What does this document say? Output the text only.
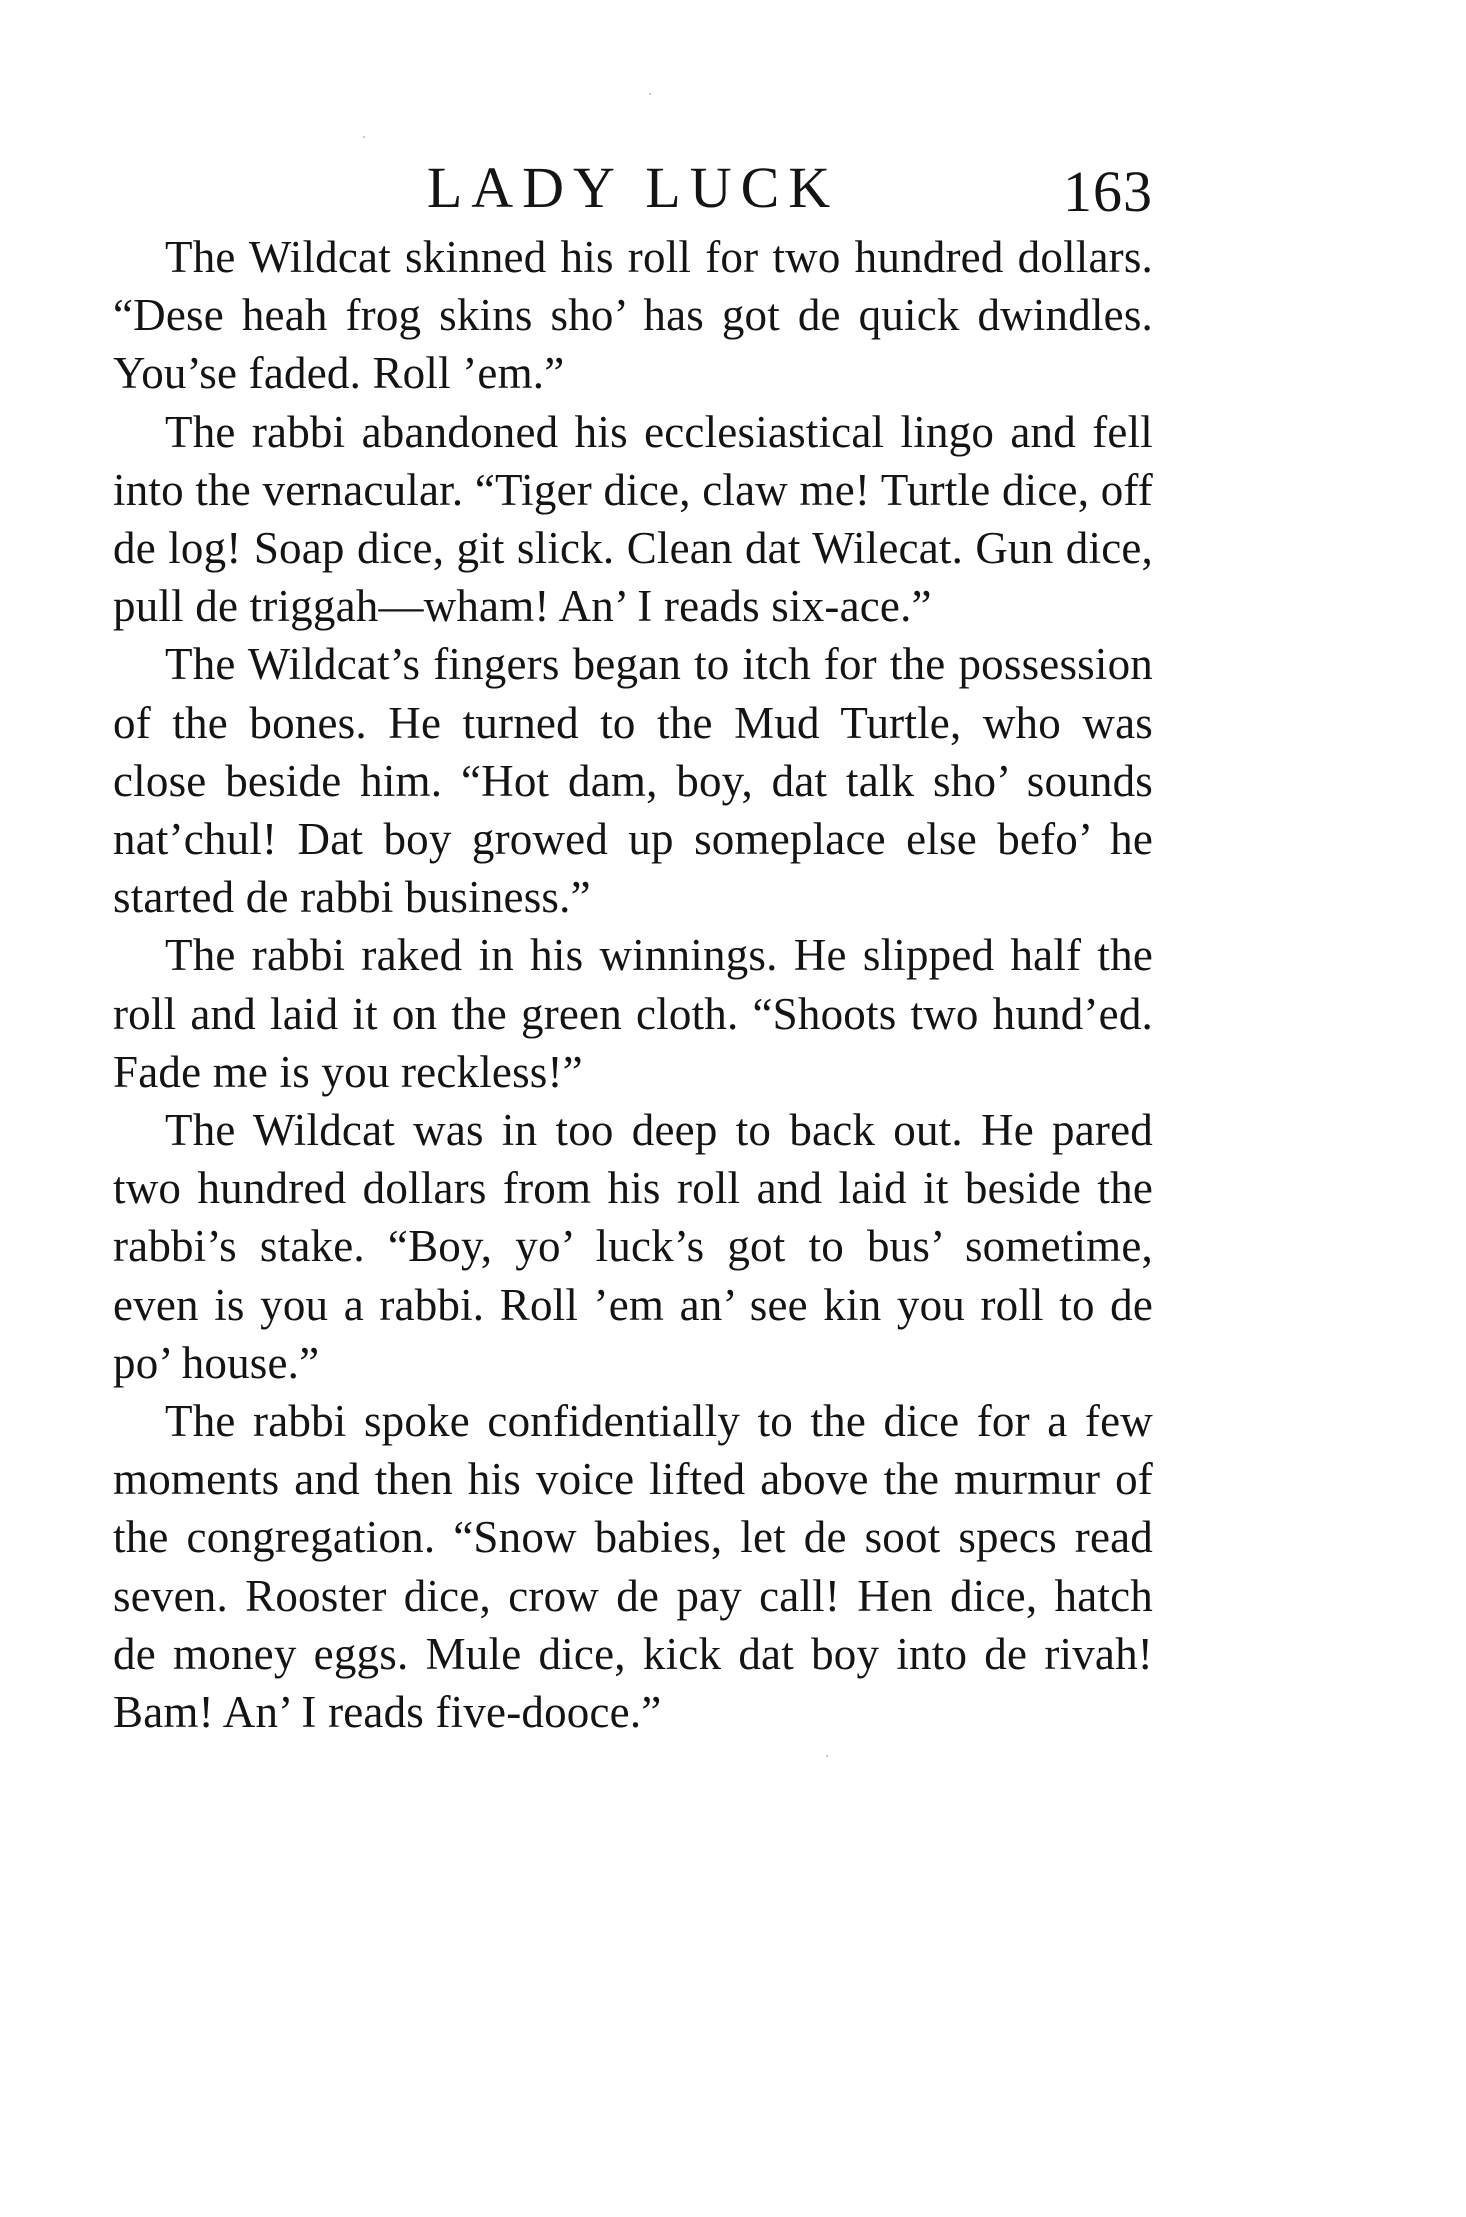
LADY LUCK	163

The Wildcat skinned his roll for two hundred dollars. “Dese heah frog skins sho’ has got de quick dwindles. You’se faded. Roll ’em.”

The rabbi abandoned his ecclesiastical lingo and fell into the vernacular. “Tiger dice, claw me! Turtle dice, off de log! Soap dice, git slick. Clean dat Wilecat. Gun dice, pull de triggah—wham! An’ I reads six-ace.”

The Wildcat’s fingers began to itch for the possession of the bones. He turned to the Mud Turtle, who was close beside him. “Hot dam, boy, dat talk sho’ sounds nat’chul! Dat boy growed up someplace else befo’ he started de rabbi business.”

The rabbi raked in his winnings. He slipped half the roll and laid it on the green cloth. “Shoots two hund’ed. Fade me is you reckless!”

The Wildcat was in too deep to back out. He pared two hundred dollars from his roll and laid it beside the rabbi’s stake. “Boy, yo’ luck’s got to bus’ sometime, even is you a rabbi. Roll ’em an’ see kin you roll to de po’ house.”

The rabbi spoke confidentially to the dice for a few moments and then his voice lifted above the murmur of the congregation. “Snow babies, let de soot specs read seven. Rooster dice, crow de pay call! Hen dice, hatch de money eggs. Mule dice, kick dat boy into de rivah! Bam! An’ I reads five-dooce.”
